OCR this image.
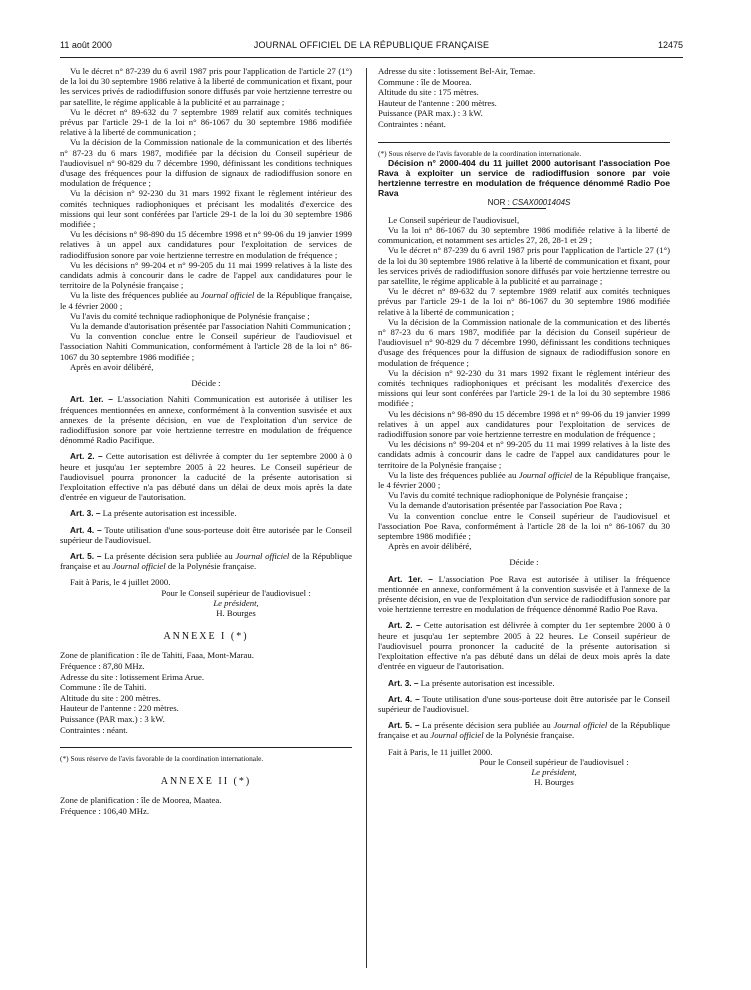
11 août 2000	JOURNAL OFFICIEL DE LA RÉPUBLIQUE FRANÇAISE	12475

Vu le décret n° 87-239 du 6 avril 1987 pris pour l'application de l'article 27 (1°) de la loi du 30 septembre 1986 relative à la liberté de communication et fixant, pour les services privés de radiodiffusion sonore diffusés par voie hertzienne terrestre ou par satellite, le régime applicable à la publicité et au parrainage ;

Vu le décret n° 89-632 du 7 septembre 1989 relatif aux comités techniques prévus par l'article 29-1 de la loi n° 86-1067 du 30 septembre 1986 modifiée relative à la liberté de communication ;

Vu la décision de la Commission nationale de la communication et des libertés n° 87-23 du 6 mars 1987, modifiée par la décision du Conseil supérieur de l'audiovisuel n° 90-829 du 7 décembre 1990, définissant les conditions techniques d'usage des fréquences pour la diffusion de signaux de radiodiffusion sonore en modulation de fréquence ;

Vu la décision n° 92-230 du 31 mars 1992 fixant le règlement intérieur des comités techniques radiophoniques et précisant les modalités d'exercice des missions qui leur sont conférées par l'article 29-1 de la loi du 30 septembre 1986 modifiée ;

Vu les décisions n° 98-890 du 15 décembre 1998 et n° 99-06 du 19 janvier 1999 relatives à un appel aux candidatures pour l'exploitation de services de radiodiffusion sonore par voie hertzienne terrestre en modulation de fréquence ;

Vu les décisions n° 99-204 et n° 99-205 du 11 mai 1999 relatives à la liste des candidats admis à concourir dans le cadre de l'appel aux candidatures pour le territoire de la Polynésie française ;

Vu la liste des fréquences publiée au Journal officiel de la République française, le 4 février 2000 ;

Vu l'avis du comité technique radiophonique de Polynésie française ;

Vu la demande d'autorisation présentée par l'association Nahiti Communication ;

Vu la convention conclue entre le Conseil supérieur de l'audiovisuel et l'association Nahiti Communication, conformément à l'article 28 de la loi n° 86-1067 du 30 septembre 1986 modifiée ;

Après en avoir délibéré,

Décide :

Art. 1er. – L'association Nahiti Communication est autorisée à utiliser les fréquences mentionnées en annexe, conformément à la convention susvisée et aux annexes de la présente décision, en vue de l'exploitation d'un service de radiodiffusion sonore par voie hertzienne terrestre en modulation de fréquence dénommé Radio Pacifique.

Art. 2. – Cette autorisation est délivrée à compter du 1er septembre 2000 à 0 heure et jusqu'au 1er septembre 2005 à 22 heures. Le Conseil supérieur de l'audiovisuel pourra prononcer la caducité de la présente autorisation si l'exploitation effective n'a pas débuté dans un délai de deux mois après la date d'entrée en vigueur de l'autorisation.

Art. 3. – La présente autorisation est incessible.

Art. 4. – Toute utilisation d'une sous-porteuse doit être autorisée par le Conseil supérieur de l'audiovisuel.

Art. 5. – La présente décision sera publiée au Journal officiel de la République française et au Journal officiel de la Polynésie française.

Fait à Paris, le 4 juillet 2000.

Pour le Conseil supérieur de l'audiovisuel :

Le président,

H. Bourges

ANNEXE I (*)

Zone de planification : île de Tahiti, Faaa, Mont-Marau.

Fréquence : 87,80 MHz.

Adresse du site : lotissement Erima Arue.

Commune : île de Tahiti.

Altitude du site : 200 mètres.

Hauteur de l'antenne : 220 mètres.

Puissance (PAR max.) : 3 kW.

Contraintes : néant.

(*) Sous réserve de l'avis favorable de la coordination internationale.

ANNEXE II (*)

Zone de planification : île de Moorea, Maatea.

Fréquence : 106,40 MHz.

Adresse du site : lotissement Bel-Air, Temae.

Commune : île de Moorea.

Altitude du site : 175 mètres.

Hauteur de l'antenne : 200 mètres.

Puissance (PAR max.) : 3 kW.

Contraintes : néant.

(*) Sous réserve de l'avis favorable de la coordination internationale.

Décision n° 2000-404 du 11 juillet 2000 autorisant l'association Poe Rava à exploiter un service de radiodiffusion sonore par voie hertzienne terrestre en modulation de fréquence dénommé Radio Poe Rava

NOR : CSAX0001404S

Le Conseil supérieur de l'audiovisuel,

Vu la loi n° 86-1067 du 30 septembre 1986 modifiée relative à la liberté de communication, et notamment ses articles 27, 28, 28-1 et 29 ;

Vu le décret n° 87-239 du 6 avril 1987 pris pour l'application de l'article 27 (1°) de la loi du 30 septembre 1986 relative à la liberté de communication et fixant, pour les services privés de radiodiffusion sonore diffusés par voie hertzienne terrestre ou par satellite, le régime applicable à la publicité et au parrainage ;

Vu le décret n° 89-632 du 7 septembre 1989 relatif aux comités techniques prévus par l'article 29-1 de la loi n° 86-1067 du 30 septembre 1986 modifiée relative à la liberté de communication ;

Vu la décision de la Commission nationale de la communication et des libertés n° 87-23 du 6 mars 1987, modifiée par la décision du Conseil supérieur de l'audiovisuel n° 90-829 du 7 décembre 1990, définissant les conditions techniques d'usage des fréquences pour la diffusion de signaux de radiodiffusion sonore en modulation de fréquence ;

Vu la décision n° 92-230 du 31 mars 1992 fixant le règlement intérieur des comités techniques radiophoniques et précisant les modalités d'exercice des missions qui leur sont conférées par l'article 29-1 de la loi du 30 septembre 1986 modifiée ;

Vu les décisions n° 98-890 du 15 décembre 1998 et n° 99-06 du 19 janvier 1999 relatives à un appel aux candidatures pour l'exploitation de services de radiodiffusion sonore par voie hertzienne terrestre en modulation de fréquence ;

Vu les décisions n° 99-204 et n° 99-205 du 11 mai 1999 relatives à la liste des candidats admis à concourir dans le cadre de l'appel aux candidatures pour le territoire de la Polynésie française ;

Vu la liste des fréquences publiée au Journal officiel de la République française, le 4 février 2000 ;

Vu l'avis du comité technique radiophonique de Polynésie française ;

Vu la demande d'autorisation présentée par l'association Poe Rava ;

Vu la convention conclue entre le Conseil supérieur de l'audiovisuel et l'association Poe Rava, conformément à l'article 28 de la loi n° 86-1067 du 30 septembre 1986 modifiée ;

Après en avoir délibéré,

Décide :

Art. 1er. – L'association Poe Rava est autorisée à utiliser la fréquence mentionnée en annexe, conformément à la convention susvisée et à l'annexe de la présente décision, en vue de l'exploitation d'un service de radiodiffusion sonore par voie hertzienne terrestre en modulation de fréquence dénommé Radio Poe Rava.

Art. 2. – Cette autorisation est délivrée à compter du 1er septembre 2000 à 0 heure et jusqu'au 1er septembre 2005 à 22 heures. Le Conseil supérieur de l'audiovisuel pourra prononcer la caducité de la présente autorisation si l'exploitation effective n'a pas débuté dans un délai de deux mois après la date d'entrée en vigueur de l'autorisation.

Art. 3. – La présente autorisation est incessible.

Art. 4. – Toute utilisation d'une sous-porteuse doit être autorisée par le Conseil supérieur de l'audiovisuel.

Art. 5. – La présente décision sera publiée au Journal officiel de la République française et au Journal officiel de la Polynésie française.

Fait à Paris, le 11 juillet 2000.

Pour le Conseil supérieur de l'audiovisuel :

Le président,

H. Bourges
